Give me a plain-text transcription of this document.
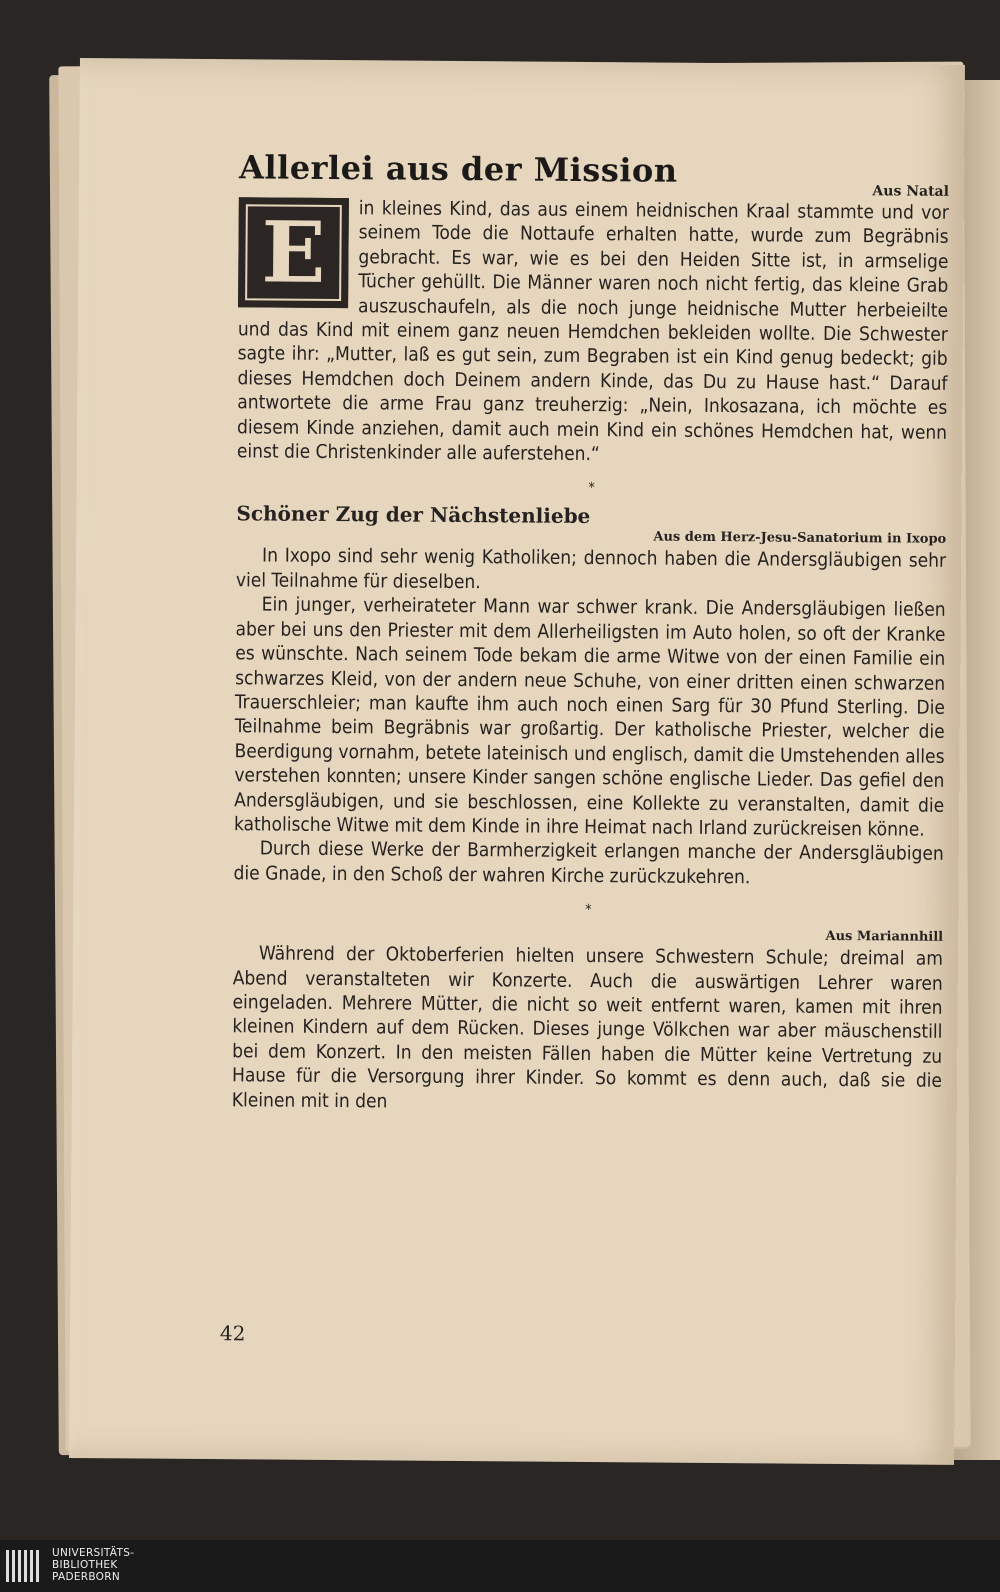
Allerlei aus der Mission
Aus Natal
E	in kleines Kind, das aus einem heidnischen Kraal stammte und vor seinem Tode die Nottaufe erhalten hatte, wurde zum Begräbnis gebracht. Es war, wie es bei den Heiden Sitte ist, in armselige Tücher gehüllt. Die Männer waren noch nicht fertig, das kleine Grab auszuschaufeln, als die noch junge heidnische Mutter herbeieilte und das Kind mit einem ganz neuen Hemdchen bekleiden wollte. Die Schwester sagte ihr: „Mutter, laß es gut sein, zum Begraben ist ein Kind genug bedeckt; gib dieses Hemdchen doch Deinem andern Kinde, das Du zu Hause hast.“ Darauf antwortete die arme Frau ganz treuherzig: „Nein, Inkosazana, ich möchte es diesem Kinde anziehen, damit auch mein Kind ein schönes Hemdchen hat, wenn einst die Christenkinder alle auferstehen.“

*
Schöner Zug der Nächstenliebe
Aus dem Herz-Jesu-Sanatorium in Ixopo

In Ixopo sind sehr wenig Katholiken; dennoch haben die Andersgläubigen sehr viel Teilnahme für dieselben.

Ein junger, verheirateter Mann war schwer krank. Die Andersgläubigen ließen aber bei uns den Priester mit dem Allerheiligsten im Auto holen, so oft der Kranke es wünschte. Nach seinem Tode bekam die arme Witwe von der einen Familie ein schwarzes Kleid, von der andern neue Schuhe, von einer dritten einen schwarzen Trauerschleier; man kaufte ihm auch noch einen Sarg für 30 Pfund Sterling. Die Teilnahme beim Begräbnis war großartig. Der katholische Priester, welcher die Beerdigung vornahm, betete lateinisch und englisch, damit die Umstehenden alles verstehen konnten; unsere Kinder sangen schöne englische Lieder. Das gefiel den Andersgläubigen, und sie beschlossen, eine Kollekte zu veranstalten, damit die katholische Witwe mit dem Kinde in ihre Heimat nach Irland zurückreisen könne.

Durch diese Werke der Barmherzigkeit erlangen manche der Andersgläubigen die Gnade, in den Schoß der wahren Kirche zurückzukehren.

*
Aus Mariannhill

Während der Oktoberferien hielten unsere Schwestern Schule; dreimal am Abend veranstalteten wir Konzerte. Auch die auswärtigen Lehrer waren eingeladen. Mehrere Mütter, die nicht so weit entfernt waren, kamen mit ihren kleinen Kindern auf dem Rücken. Dieses junge Völkchen war aber mäuschenstill bei dem Konzert. In den meisten Fällen haben die Mütter keine Vertretung zu Hause für die Versorgung ihrer Kinder. So kommt es denn auch, daß sie die Kleinen mit in den

42
UNIVERSITÄTS-
BIBLIOTHEK
PADERBORN
